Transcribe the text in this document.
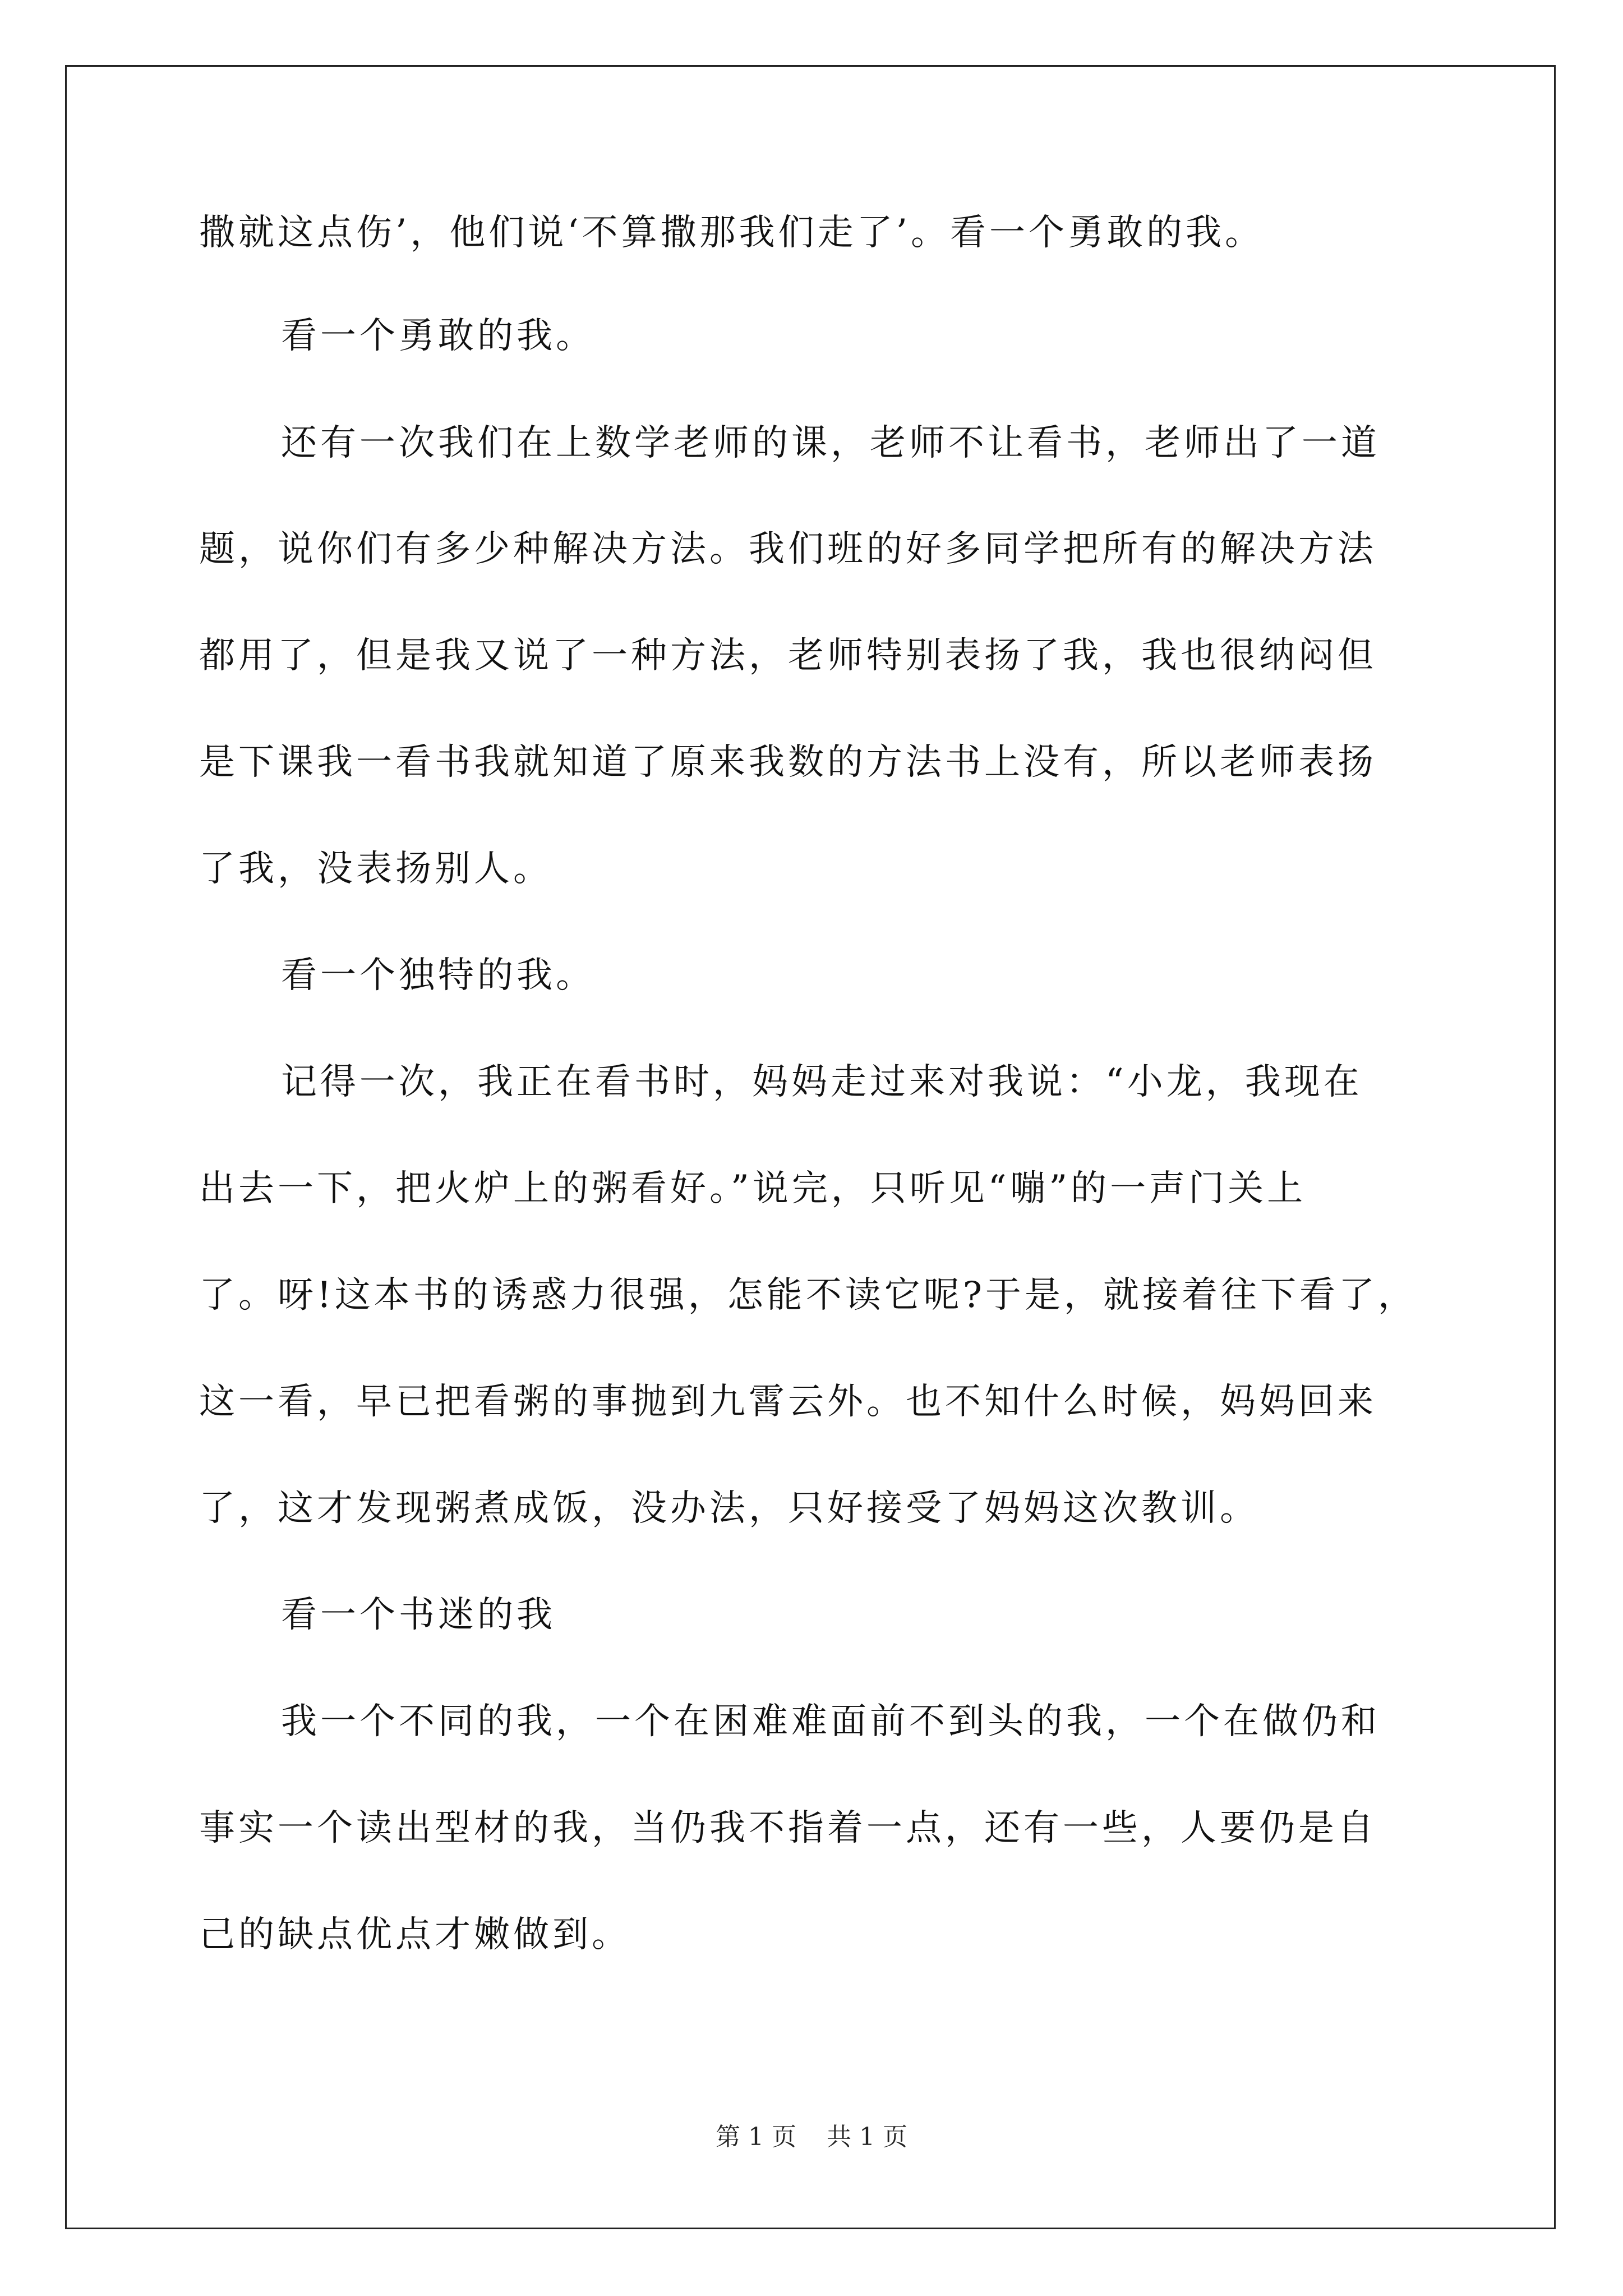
撒就这点伤’，他们说‘不算撒那我们走了’。看一个勇敢的我。
看一个勇敢的我。
还有一次我们在上数学老师的课，老师不让看书，老师出了一道
题，说你们有多少种解决方法。我们班的好多同学把所有的解决方法
都用了，但是我又说了一种方法，老师特别表扬了我，我也很纳闷但
是下课我一看书我就知道了原来我数的方法书上没有，所以老师表扬
了我，没表扬别人。
看一个独特的我。
记得一次，我正在看书时，妈妈走过来对我说：“小龙，我现在
出去一下，把火炉上的粥看好。”说完，只听见“嘣”的一声门关上
了。呀!这本书的诱惑力很强，怎能不读它呢?于是，就接着往下看了，
这一看，早已把看粥的事抛到九霄云外。也不知什么时候，妈妈回来
了，这才发现粥煮成饭，没办法，只好接受了妈妈这次教训。
看一个书迷的我
我一个不同的我，一个在困难难面前不到头的我，一个在做仍和
事实一个读出型材的我，当仍我不指着一点，还有一些，人要仍是自
己的缺点优点才嫩做到。
第 1 页 共 1 页
